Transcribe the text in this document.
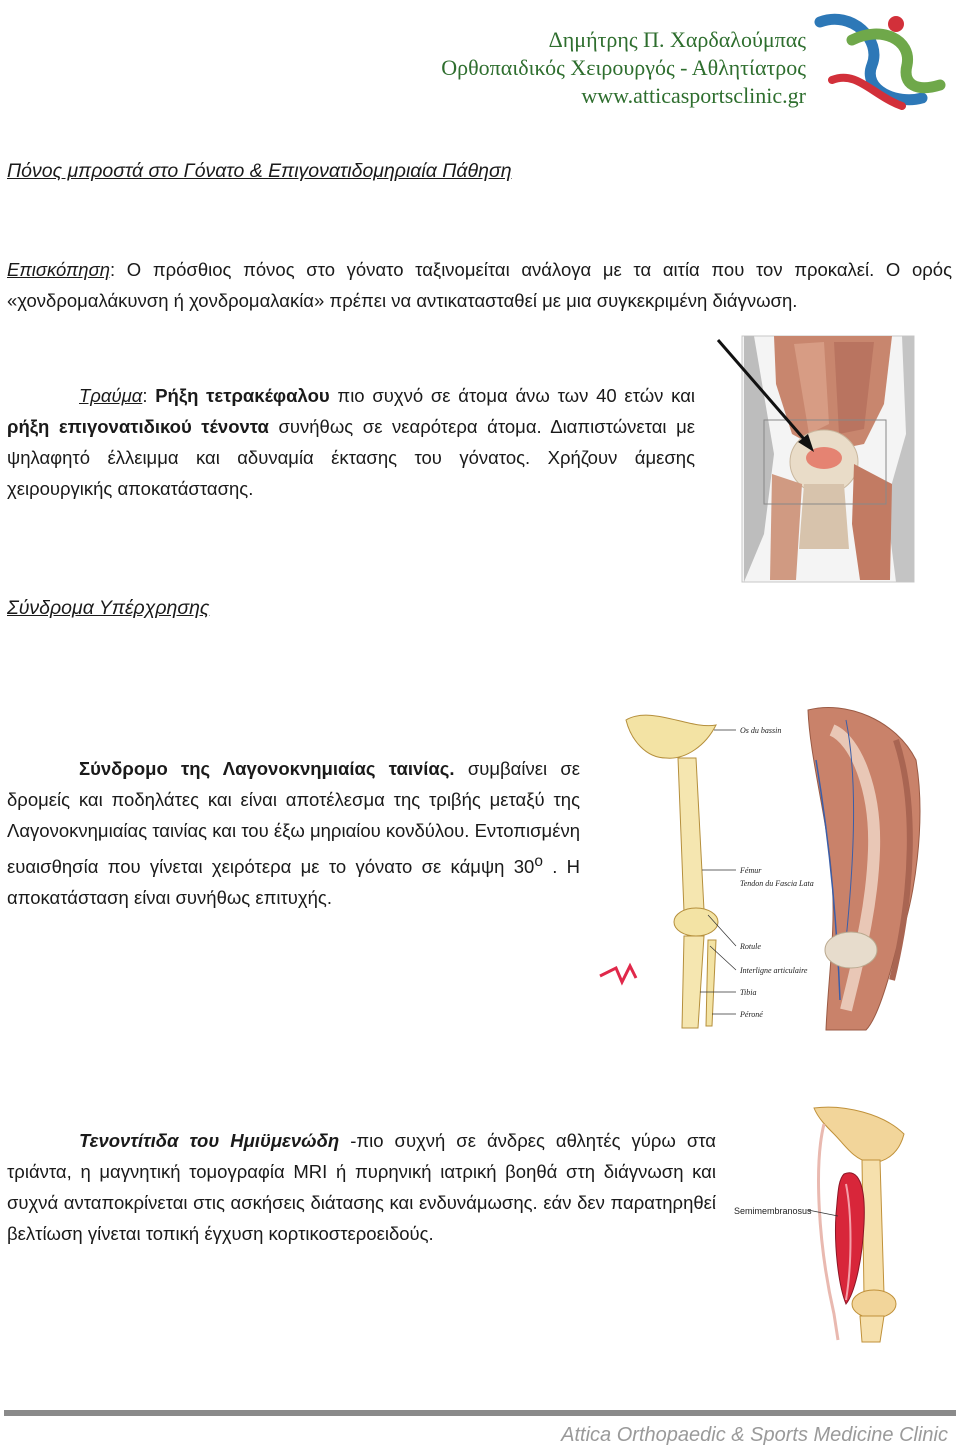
Δημήτρης Π. Χαρδαλούμπας
Ορθοπαιδικός Χειρουργός - Αθλητίατρος
www.atticasportsclinic.gr
Πόνος μπροστά στο Γόνατο & Επιγονατιδομηριαία Πάθηση
Επισκόπηση: Ο πρόσθιος πόνος στο γόνατο ταξινομείται ανάλογα με τα αιτία που τον προκαλεί. Ο ορός «χονδρομαλάκυνση ή χονδρομαλακία» πρέπει να αντικατασταθεί με μια συγκεκριμένη διάγνωση.
Τραύμα: Ρήξη τετρακέφαλου πιο συχνό σε άτομα άνω των 40 ετών και ρήξη επιγονατιδικού τένοντα συνήθως σε νεαρότερα άτομα. Διαπιστώνεται με ψηλαφητό έλλειμμα και αδυναμία έκτασης του γόνατος. Χρήζουν άμεσης χειρουργικής αποκατάστασης.
Σύνδρομα Υπέρχρησης
Σύνδρομο της Λαγονοκνημιαίας ταινίας. συμβαίνει σε δρομείς και ποδηλάτες και είναι αποτέλεσμα της τριβής μεταξύ της Λαγονοκνημιαίας ταινίας και του έξω μηριαίου κονδύλου. Εντοπισμένη ευαισθησία που γίνεται χειρότερα με το γόνατο σε κάμψη $30^o$ . Η αποκατάσταση είναι συνήθως επιτυχής.
Os du bassin
Fémur
Tendon du Fascia Lata
Rotule
Interligne articulaire
Tibia
Péroné
Τενοντίτιδα του Ημιϋμενώδη -πιο συχνή σε άνδρες αθλητές γύρω στα τριάντα, η μαγνητική τομογραφία MRI ή πυρηνική ιατρική βοηθά στη διάγνωση και συχνά ανταποκρίνεται στις ασκήσεις διάτασης και ενδυνάμωσης. εάν δεν παρατηρηθεί βελτίωση γίνεται τοπική έγχυση κορτικοστεροειδούς.
Semimembranosus
Attica Orthopaedic & Sports Medicine Clinic
